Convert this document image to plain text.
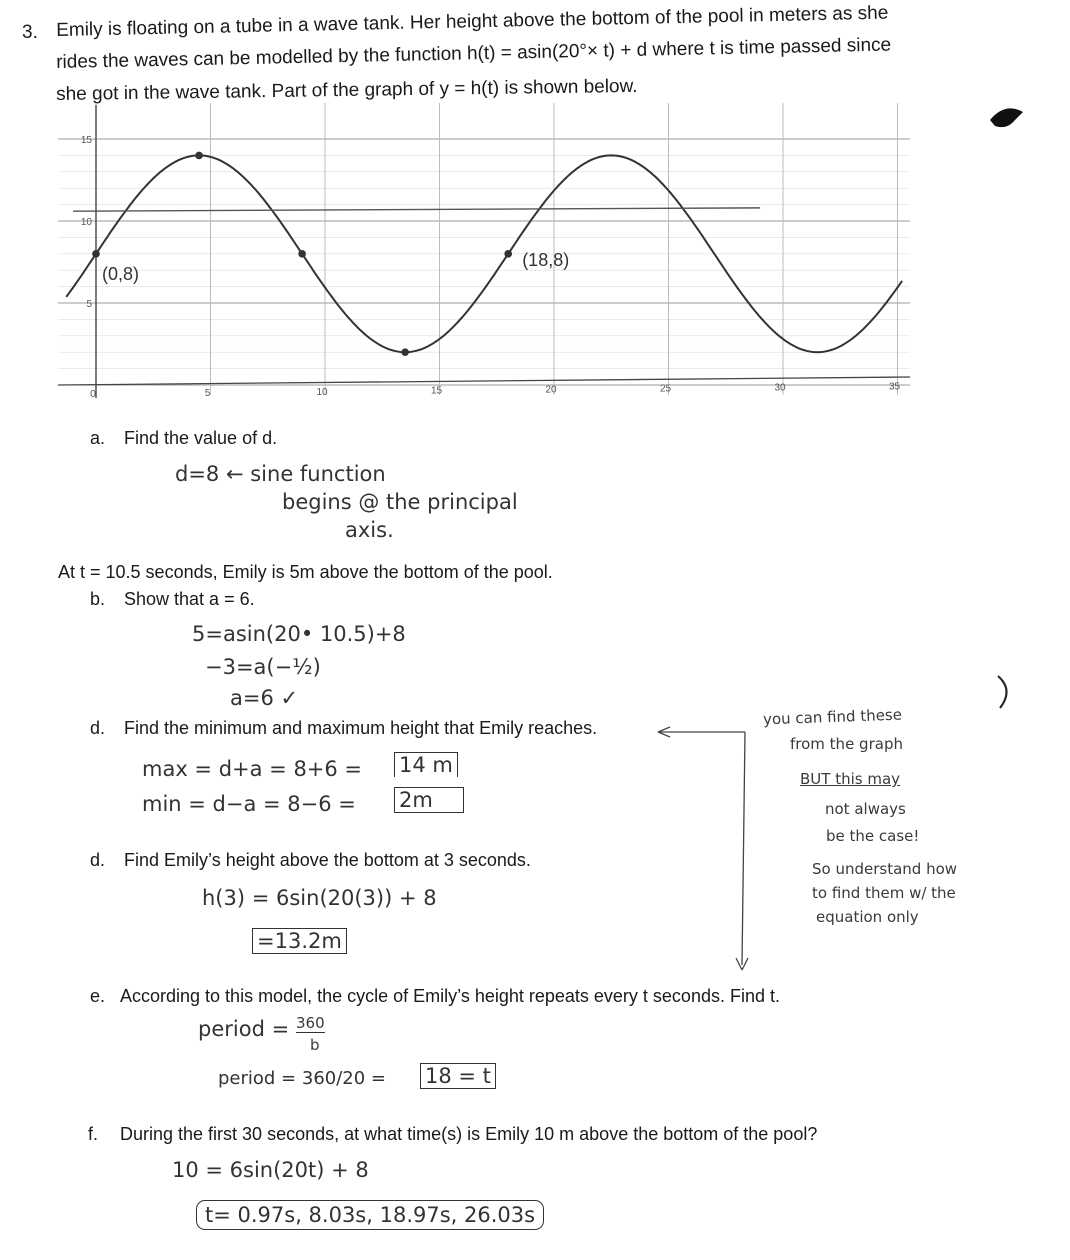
3. Emily is floating on a tube in a wave tank. Her height above the bottom of the pool in meters as she
rides the waves can be modelled by the function h(t) = asin(20°× t) + d where t is time passed since
she got in the wave tank. Part of the graph of y = h(t) is shown below.
15
10
5
0	5	10	15	20	25	30	35
(0,8)
(18,8)
a. Find the value of d.
d=8 ← sine function
begins @ the principal
axis.
At t = 10.5 seconds, Emily is 5m above the bottom of the pool.
b. Show that a = 6.
5=asin(20• 10.5)+8
−3=a(−½)
a=6 ✓
d. Find the minimum and maximum height that Emily reaches.
max = d+a = 8+6 = 14 m
min = d−a = 8−6 = 2m
you can find these
from the graph
BUT this may
not always
be the case!
So understand how
to find them w/ the
equation only
d. Find Emily’s height above the bottom at 3 seconds.
h(3) = 6sin(20(3)) + 8
=13.2m
e. According to this model, the cycle of Emily’s height repeats every t seconds. Find t.
period = 360
b
period = 360/20 = 18 = t
f. During the first 30 seconds, at what time(s) is Emily 10 m above the bottom of the pool?
10 = 6sin(20t) + 8
t= 0.97s, 8.03s, 18.97s, 26.03s
